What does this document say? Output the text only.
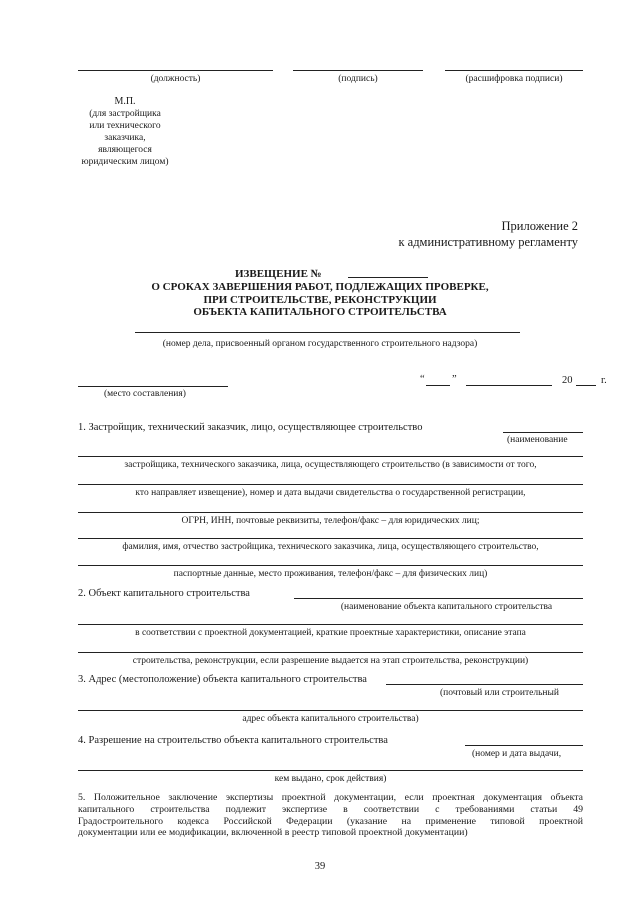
(должность)	(подпись)	(расшифровка подписи)
М.П.
(для застройщика
или технического
заказчика,
являющегося
юридическим лицом)
Приложение 2
к административному регламенту
ИЗВЕЩЕНИЕ №
О СРОКАХ ЗАВЕРШЕНИЯ РАБОТ, ПОДЛЕЖАЩИХ ПРОВЕРКЕ,
ПРИ СТРОИТЕЛЬСТВЕ, РЕКОНСТРУКЦИИ
ОБЪЕКТА КАПИТАЛЬНОГО СТРОИТЕЛЬСТВА
(номер дела, присвоенный органом государственного строительного надзора)
(место составления)
“	”	20	г.
1. Застройщик, технический заказчик, лицо, осуществляющее строительство
(наименование
застройщика, технического заказчика, лица, осуществляющего строительство (в зависимости от того,
кто направляет извещение), номер и дата выдачи свидетельства о государственной регистрации,
ОГРН, ИНН, почтовые реквизиты, телефон/факс – для юридических лиц;
фамилия, имя, отчество застройщика, технического заказчика, лица, осуществляющего строительство,
паспортные данные, место проживания, телефон/факс – для физических лиц)
2. Объект капитального строительства
(наименование объекта капитального строительства
в соответствии с проектной документацией, краткие проектные характеристики, описание этапа
строительства, реконструкции, если разрешение выдается на этап строительства, реконструкции)
3. Адрес (местоположение) объекта капитального строительства
(почтовый или строительный
адрес объекта капитального строительства)
4. Разрешение на строительство объекта капитального строительства
(номер и дата выдачи,
кем выдано, срок действия)
5. Положительное заключение экспертизы проектной документации, если проектная документация объекта
капитального строительства подлежит экспертизе в соответствии с требованиями статьи 49
Градостроительного кодекса Российской Федерации (указание на применение типовой проектной
документации или ее модификации, включенной в реестр типовой проектной документации)
39
